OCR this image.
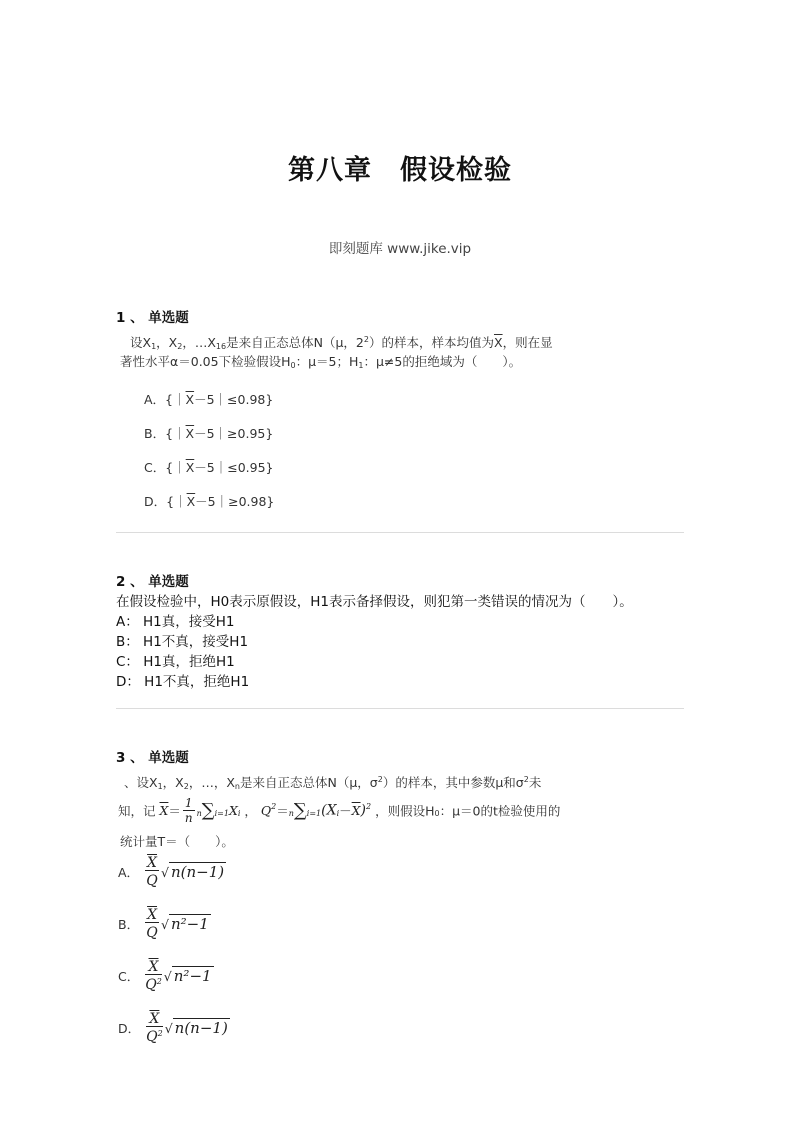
第八章　假设检验
即刻题库 www.jike.vip
1 、 单选题
设$X_1$，$X_2$，$\dots X_{16}$是来自正态总体N（μ，$2^2$）的样本，样本均值为$\overline{X}$，则在显
著性水平α＝0.05下检验假设$H_0$：μ＝5；$H_1$：μ≠5的拒绝域为（　　）。
A．$\{|\overline{X}-5|\le 0.98\}$
B．$\{|\overline{X}-5|\ge 0.95\}$
C．$\{|\overline{X}-5|\le 0.95\}$
D．$\{|\overline{X}-5|\ge 0.98\}$
2 、 单选题
在假设检验中，H0表示原假设，H1表示备择假设，则犯第一类错误的情况为（　　）。
A： H1真，接受H1
B： H1不真，接受H1
C： H1真，拒绝H1
D： H1不真，拒绝H1
3 、 单选题
、设$X_1$，$X_2$，…，$X_n$是来自正态总体N（μ，$\sigma^2$）的样本，其中参数μ和$\sigma^2$未
知，记 $\overline{X}= \frac{1}{n} n\sum i=1X_i$ ， $Q^2=n\sum i=1(X_i-\overline{X})^2$ ，则假设$H_0$：μ＝0的t检验使用的
统计量T＝（　　）。
A． $\frac{\overline{X}}{Q}$ √ n(n−1)
B． $\frac{\overline{X}}{Q}$ √ n²−1
C． $\frac{\overline{X}}{Q^2}$ √ n²−1
D． $\frac{\overline{X}}{Q^2}$ √ n(n−1)
